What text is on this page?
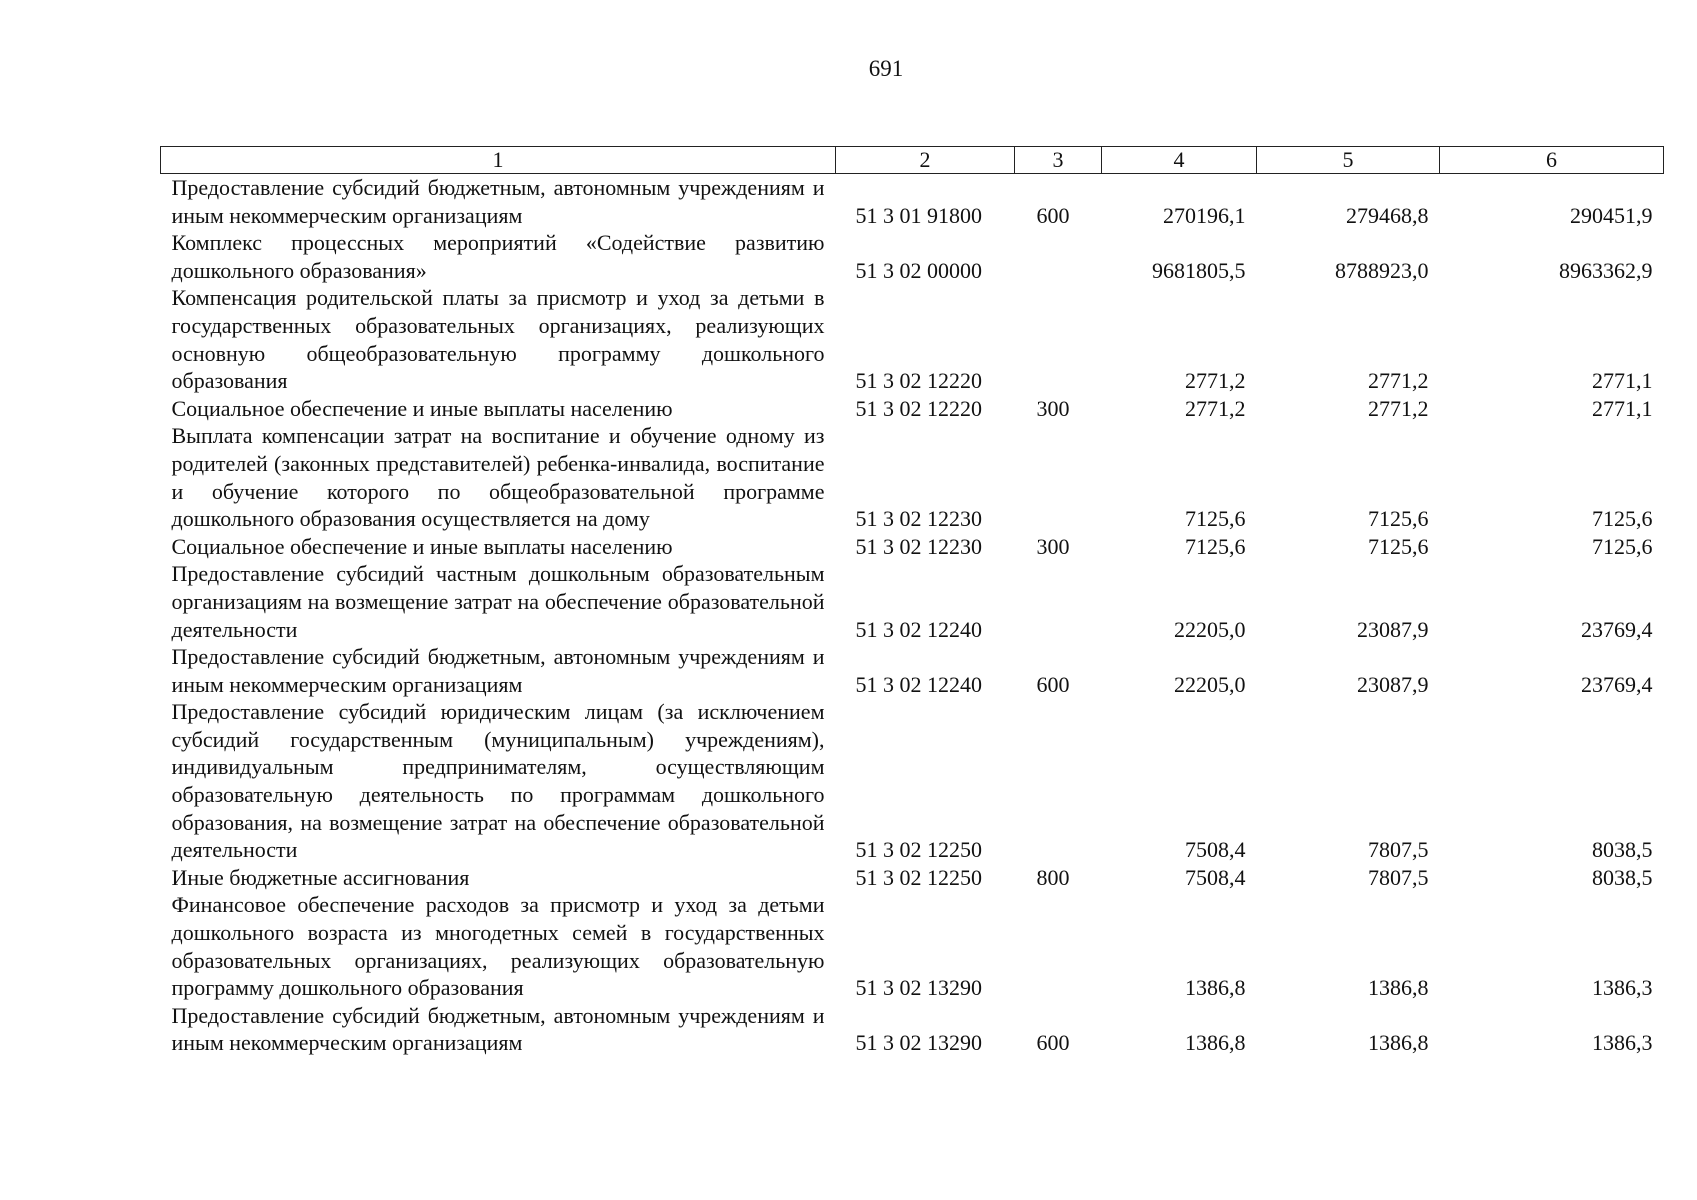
691
1	2	3	4	5	6
Предоставление субсидий бюджетным, автономным учреждениям и иным некоммерческим организациям	51 3 01 91800	600	270196,1	279468,8	290451,9
Комплекс процессных мероприятий «Содействие развитию дошкольного образования»	51 3 02 00000		9681805,5	8788923,0	8963362,9
Компенсация родительской платы за присмотр и уход за детьми в государственных образовательных организациях, реализующих основную общеобразовательную программу дошкольного образования	51 3 02 12220		2771,2	2771,2	2771,1
Социальное обеспечение и иные выплаты населению	51 3 02 12220	300	2771,2	2771,2	2771,1
Выплата компенсации затрат на воспитание и обучение одному из родителей (законных представителей) ребенка-инвалида, воспитание и обучение которого по общеобразовательной программе дошкольного образования осуществляется на дому	51 3 02 12230		7125,6	7125,6	7125,6
Социальное обеспечение и иные выплаты населению	51 3 02 12230	300	7125,6	7125,6	7125,6
Предоставление субсидий частным дошкольным образовательным организациям на возмещение затрат на обеспечение образовательной деятельности	51 3 02 12240		22205,0	23087,9	23769,4
Предоставление субсидий бюджетным, автономным учреждениям и иным некоммерческим организациям	51 3 02 12240	600	22205,0	23087,9	23769,4
Предоставление субсидий юридическим лицам (за исключением субсидий государственным (муниципальным) учреждениям), индивидуальным предпринимателям, осуществляющим образовательную деятельность по программам дошкольного образования, на возмещение затрат на обеспечение образовательной деятельности	51 3 02 12250		7508,4	7807,5	8038,5
Иные бюджетные ассигнования	51 3 02 12250	800	7508,4	7807,5	8038,5
Финансовое обеспечение расходов за присмотр и уход за детьми дошкольного возраста из многодетных семей в государственных образовательных организациях, реализующих образовательную программу дошкольного образования	51 3 02 13290		1386,8	1386,8	1386,3
Предоставление субсидий бюджетным, автономным учреждениям и иным некоммерческим организациям	51 3 02 13290	600	1386,8	1386,8	1386,3
